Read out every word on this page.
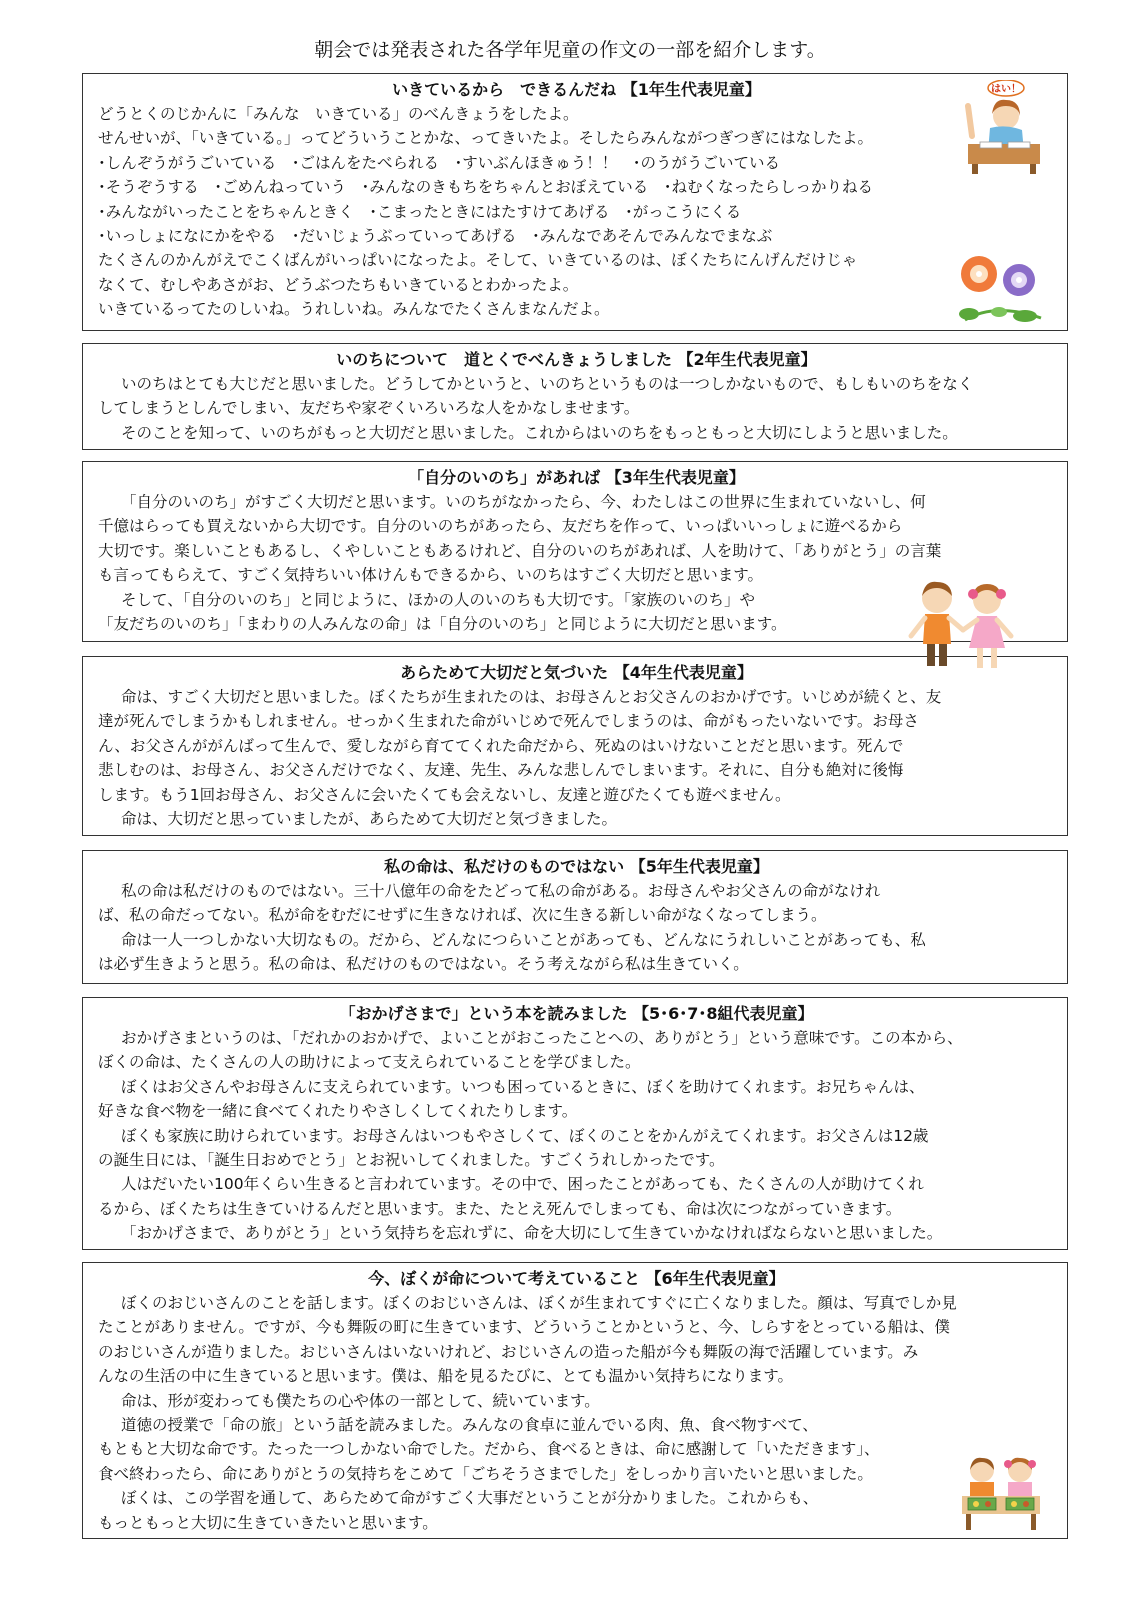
朝会では発表された各学年児童の作文の一部を紹介します。
いきているから　できるんだね 【1年生代表児童】
どうとくのじかんに「みんな　いきている」のべんきょうをしたよ。
せんせいが、「いきている。」ってどういうことかな、ってきいたよ。そしたらみんながつぎつぎにはなしたよ。
･しんぞうがうごいている　･ごはんをたべられる　･すいぶんほきゅう！！　･のうがうごいている
･そうぞうする　･ごめんねっていう　･みんなのきもちをちゃんとおぼえている　･ねむくなったらしっかりねる
･みんながいったことをちゃんときく　･こまったときにはたすけてあげる　･がっこうにくる
･いっしょになにかをやる　･だいじょうぶっていってあげる　･みんなであそんでみんなでまなぶ
たくさんのかんがえでこくばんがいっぱいになったよ。そして、いきているのは、ぼくたちにんげんだけじゃ
なくて、むしやあさがお、どうぶつたちもいきているとわかったよ。
いきているってたのしいね。うれしいね。みんなでたくさんまなんだよ。
いのちについて　道とくでべんきょうしました 【2年生代表児童】
いのちはとても大じだと思いました。どうしてかというと、いのちというものは一つしかないもので、もしもいのちをなく
してしまうとしんでしまい、友だちや家ぞくいろいろな人をかなしませます。
そのことを知って、いのちがもっと大切だと思いました。これからはいのちをもっともっと大切にしようと思いました。
「自分のいのち」があれば 【3年生代表児童】
「自分のいのち」がすごく大切だと思います。いのちがなかったら、今、わたしはこの世界に生まれていないし、何
千億はらっても買えないから大切です。自分のいのちがあったら、友だちを作って、いっぱいいっしょに遊べるから
大切です。楽しいこともあるし、くやしいこともあるけれど、自分のいのちがあれば、人を助けて、「ありがとう」の言葉
も言ってもらえて、すごく気持ちいい体けんもできるから、いのちはすごく大切だと思います。
そして、「自分のいのち」と同じように、ほかの人のいのちも大切です。「家族のいのち」や
「友だちのいのち」「まわりの人みんなの命」は「自分のいのち」と同じように大切だと思います。
あらためて大切だと気づいた 【4年生代表児童】
命は、すごく大切だと思いました。ぼくたちが生まれたのは、お母さんとお父さんのおかげです。いじめが続くと、友
達が死んでしまうかもしれません。せっかく生まれた命がいじめで死んでしまうのは、命がもったいないです。お母さ
ん、お父さんががんばって生んで、愛しながら育ててくれた命だから、死ぬのはいけないことだと思います。死んで
悲しむのは、お母さん、お父さんだけでなく、友達、先生、みんな悲しんでしまいます。それに、自分も絶対に後悔
します。もう1回お母さん、お父さんに会いたくても会えないし、友達と遊びたくても遊べません。
命は、大切だと思っていましたが、あらためて大切だと気づきました。
私の命は、私だけのものではない 【5年生代表児童】
私の命は私だけのものではない。三十八億年の命をたどって私の命がある。お母さんやお父さんの命がなけれ
ば、私の命だってない。私が命をむだにせずに生きなければ、次に生きる新しい命がなくなってしまう。
命は一人一つしかない大切なもの。だから、どんなにつらいことがあっても、どんなにうれしいことがあっても、私
は必ず生きようと思う。私の命は、私だけのものではない。そう考えながら私は生きていく。
「おかげさまで」という本を読みました 【5･6･7･8組代表児童】
おかげさまというのは、「だれかのおかげで、よいことがおこったことへの、ありがとう」という意味です。この本から、
ぼくの命は、たくさんの人の助けによって支えられていることを学びました。
ぼくはお父さんやお母さんに支えられています。いつも困っているときに、ぼくを助けてくれます。お兄ちゃんは、
好きな食べ物を一緒に食べてくれたりやさしくしてくれたりします。
ぼくも家族に助けられています。お母さんはいつもやさしくて、ぼくのことをかんがえてくれます。お父さんは12歳
の誕生日には、「誕生日おめでとう」とお祝いしてくれました。すごくうれしかったです。
人はだいたい100年くらい生きると言われています。その中で、困ったことがあっても、たくさんの人が助けてくれ
るから、ぼくたちは生きていけるんだと思います。また、たとえ死んでしまっても、命は次につながっていきます。
「おかげさまで、ありがとう」という気持ちを忘れずに、命を大切にして生きていかなければならないと思いました。
今、ぼくが命について考えていること 【6年生代表児童】
ぼくのおじいさんのことを話します。ぼくのおじいさんは、ぼくが生まれてすぐに亡くなりました。顔は、写真でしか見
たことがありません。ですが、今も舞阪の町に生きています、どういうことかというと、今、しらすをとっている船は、僕
のおじいさんが造りました。おじいさんはいないけれど、おじいさんの造った船が今も舞阪の海で活躍しています。み
んなの生活の中に生きていると思います。僕は、船を見るたびに、とても温かい気持ちになります。
命は、形が変わっても僕たちの心や体の一部として、続いています。
道徳の授業で「命の旅」という話を読みました。みんなの食卓に並んでいる肉、魚、食べ物すべて、
もともと大切な命です。たった一つしかない命でした。だから、食べるときは、命に感謝して「いただきます」、
食べ終わったら、命にありがとうの気持ちをこめて「ごちそうさまでした」をしっかり言いたいと思いました。
ぼくは、この学習を通して、あらためて命がすごく大事だということが分かりました。これからも、
もっともっと大切に生きていきたいと思います。
はい！
